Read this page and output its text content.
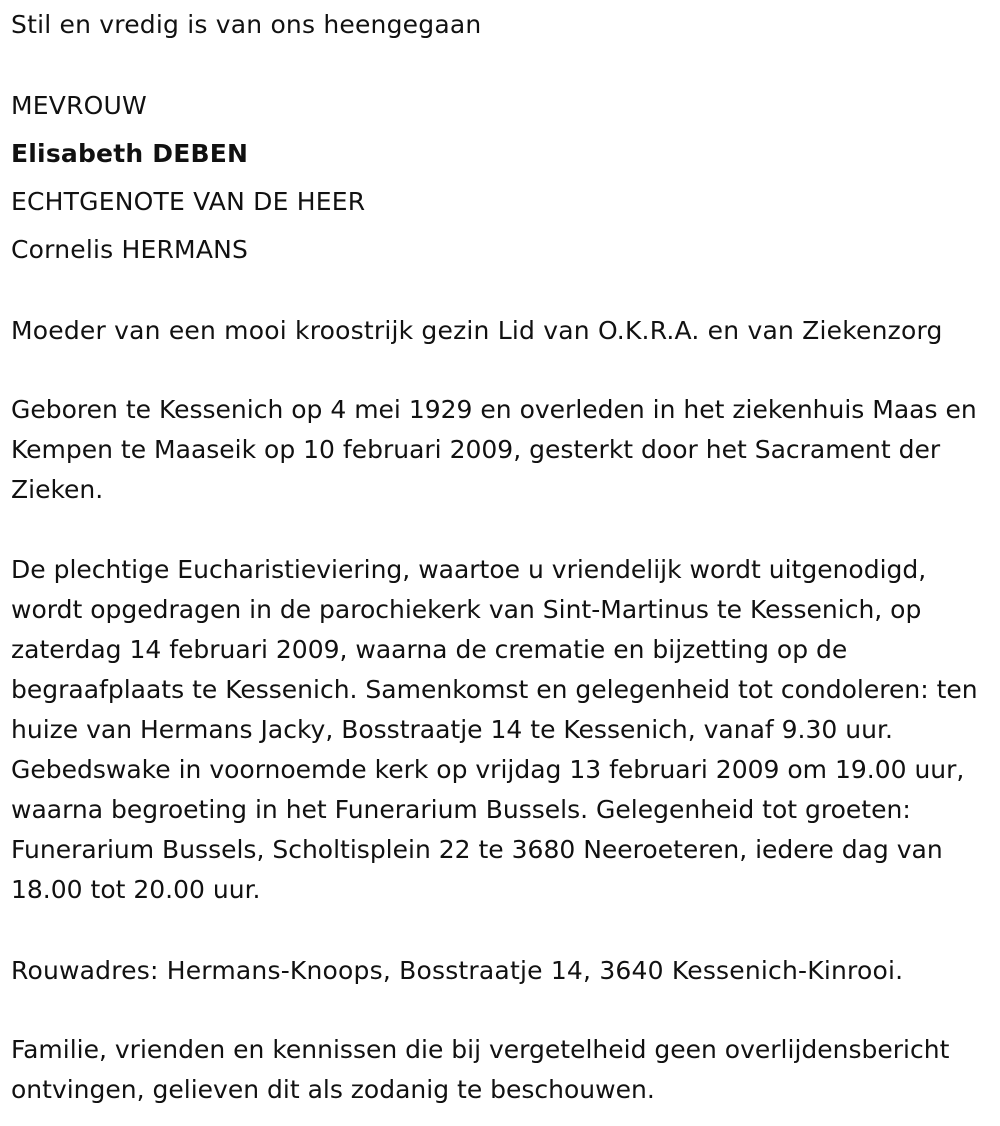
Stil en vredig is van ons heengegaan
MEVROUW
Elisabeth DEBEN
ECHTGENOTE VAN DE HEER
Cornelis HERMANS
Moeder van een mooi kroostrijk gezin Lid van O.K.R.A. en van Ziekenzorg
Geboren te Kessenich op 4 mei 1929 en overleden in het ziekenhuis Maas en Kempen te Maaseik op 10 februari 2009, gesterkt door het Sacrament der Zieken.
De plechtige Eucharistieviering, waartoe u vriendelijk wordt uitgenodigd, wordt opgedragen in de parochiekerk van Sint-Martinus te Kessenich, op zaterdag 14 februari 2009, waarna de crematie en bijzetting op de begraafplaats te Kessenich. Samenkomst en gelegenheid tot condoleren: ten huize van Hermans Jacky, Bosstraatje 14 te Kessenich, vanaf 9.30 uur. Gebedswake in voornoemde kerk op vrijdag 13 februari 2009 om 19.00 uur, waarna begroeting in het Funerarium Bussels. Gelegenheid tot groeten: Funerarium Bussels, Scholtisplein 22 te 3680 Neeroeteren, iedere dag van 18.00 tot 20.00 uur.
Rouwadres: Hermans-Knoops, Bosstraatje 14, 3640 Kessenich-Kinrooi.
Familie, vrienden en kennissen die bij vergetelheid geen overlijdensbericht ontvingen, gelieven dit als zodanig te beschouwen.
